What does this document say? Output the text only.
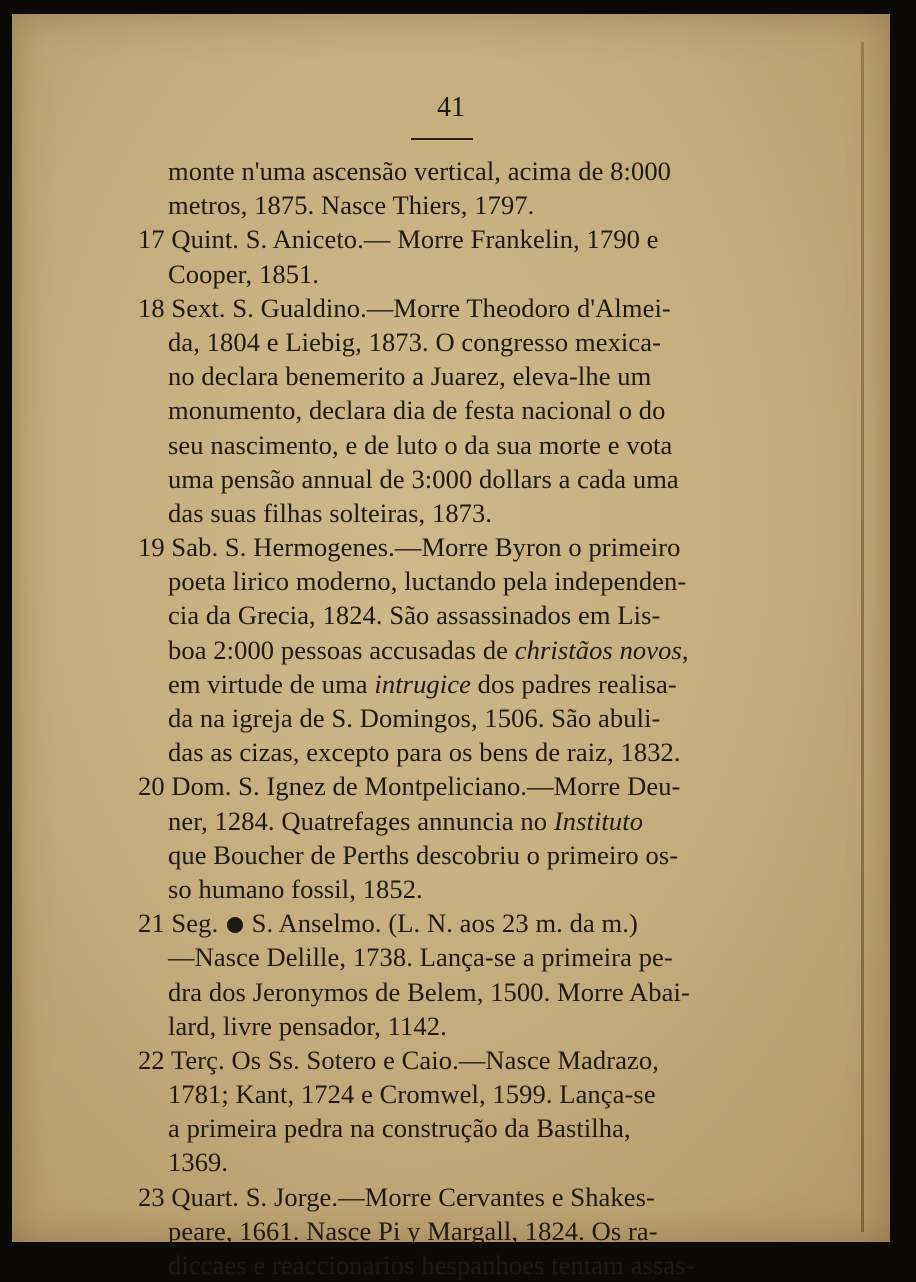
41
monte n'uma ascensão vertical, acima de 8:000
metros, 1875. Nasce Thiers, 1797.
17 Quint. S. Aniceto.— Morre Frankelin, 1790 e
Cooper, 1851.
18 Sext. S. Gualdino.—Morre Theodoro d'Almei-
da, 1804 e Liebig, 1873. O congresso mexica-
no declara benemerito a Juarez, eleva-lhe um
monumento, declara dia de festa nacional o do
seu nascimento, e de luto o da sua morte e vota
uma pensão annual de 3:000 dollars a cada uma
das suas filhas solteiras, 1873.
19 Sab. S. Hermogenes.—Morre Byron o primeiro
poeta lirico moderno, luctando pela independen-
cia da Grecia, 1824. São assassinados em Lis-
boa 2:000 pessoas accusadas de christãos novos,
em virtude de uma intrugice dos padres realisa-
da na igreja de S. Domingos, 1506. São abuli-
das as cizas, excepto para os bens de raiz, 1832.
20 Dom. S. Ignez de Montpeliciano.—Morre Deu-
ner, 1284. Quatrefages annuncia no Instituto
que Boucher de Perths descobriu o primeiro os-
so humano fossil, 1852.
21 Seg.  S. Anselmo. (L. N. aos 23 m. da m.)
—Nasce Delille, 1738. Lança-se a primeira pe-
dra dos Jeronymos de Belem, 1500. Morre Abai-
lard, livre pensador, 1142.
22 Terç. Os Ss. Sotero e Caio.—Nasce Madrazo,
1781; Kant, 1724 e Cromwel, 1599. Lança-se
a primeira pedra na construção da Bastilha,
1369.
23 Quart. S. Jorge.—Morre Cervantes e Shakes-
peare, 1661. Nasce Pi y Margall, 1824. Os ra-
diccaes e reaccionarios hespanhoes tentam assas-
